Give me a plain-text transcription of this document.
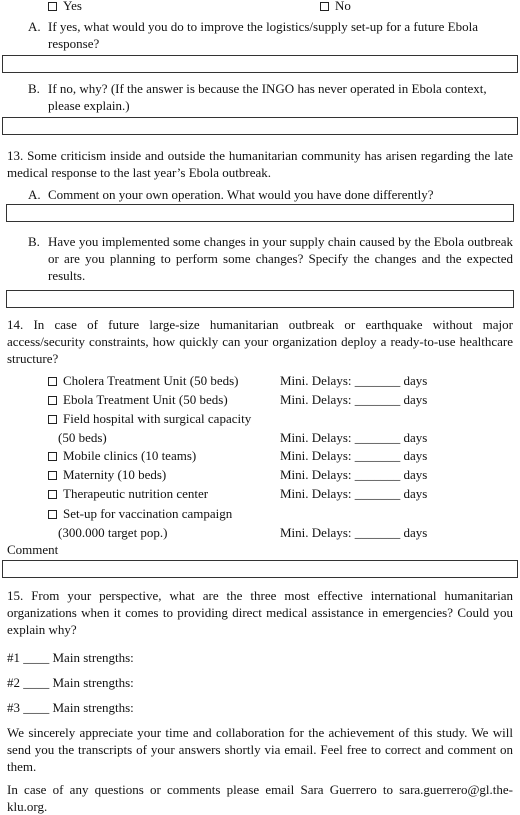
Yes	No
A. If yes, what would you do to improve the logistics/supply set-up for a future Ebola response?
B. If no, why? (If the answer is because the INGO has never operated in Ebola context, please explain.)
13. Some criticism inside and outside the humanitarian community has arisen regarding the late medical response to the last year’s Ebola outbreak.
A. Comment on your own operation. What would you have done differently?
B. Have you implemented some changes in your supply chain caused by the Ebola outbreak or are you planning to perform some changes? Specify the changes and the expected results.
14. In case of future large-size humanitarian outbreak or earthquake without major access/security constraints, how quickly can your organization deploy a ready-to-use healthcare structure?
Cholera Treatment Unit (50 beds)	Mini. Delays: _______ days
Ebola Treatment Unit (50 beds)	Mini. Delays: _______ days
Field hospital with surgical capacity
(50 beds)	Mini. Delays: _______ days
Mobile clinics (10 teams)	Mini. Delays: _______ days
Maternity (10 beds)	Mini. Delays: _______ days
Therapeutic nutrition center	Mini. Delays: _______ days
Set-up for vaccination campaign
(300.000 target pop.)	Mini. Delays: _______ days
Comment
15. From your perspective, what are the three most effective international humanitarian organizations when it comes to providing direct medical assistance in emergencies? Could you explain why?
#1 ____ Main strengths:
#2 ____ Main strengths:
#3 ____ Main strengths:
We sincerely appreciate your time and collaboration for the achievement of this study. We will send you the transcripts of your answers shortly via email. Feel free to correct and comment on them.
In case of any questions or comments please email Sara Guerrero to sara.guerrero@gl.the-klu.org.
